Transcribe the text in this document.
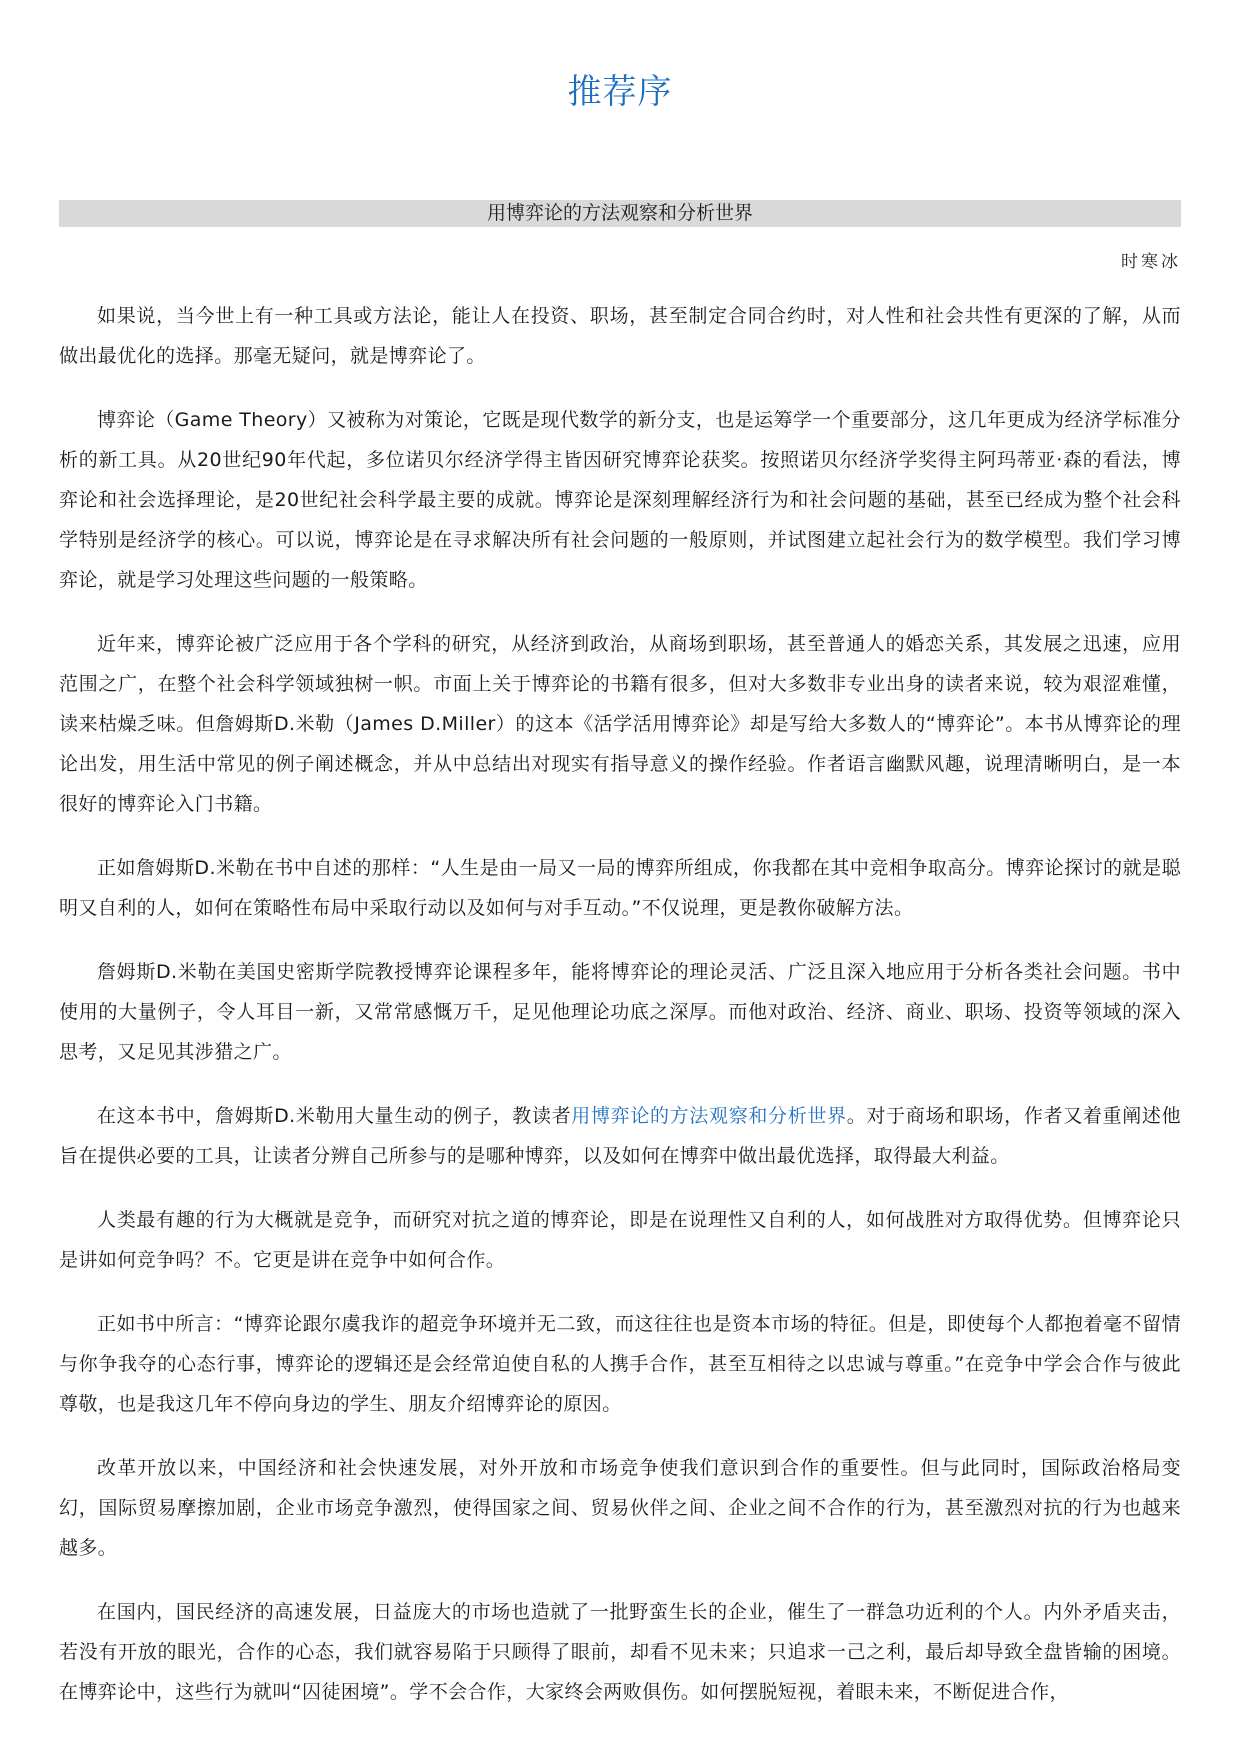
推荐序
用博弈论的方法观察和分析世界
时寒冰

如果说，当今世上有一种工具或方法论，能让人在投资、职场，甚至制定合同合约时，对人性和社会共性有更深的了解，从而做出最优化的选择。那毫无疑问，就是博弈论了。

博弈论（Game Theory）又被称为对策论，它既是现代数学的新分支，也是运筹学一个重要部分，这几年更成为经济学标准分析的新工具。从20世纪90年代起，多位诺贝尔经济学得主皆因研究博弈论获奖。按照诺贝尔经济学奖得主阿玛蒂亚·森的看法，博弈论和社会选择理论，是20世纪社会科学最主要的成就。博弈论是深刻理解经济行为和社会问题的基础，甚至已经成为整个社会科学特别是经济学的核心。可以说，博弈论是在寻求解决所有社会问题的一般原则，并试图建立起社会行为的数学模型。我们学习博弈论，就是学习处理这些问题的一般策略。

近年来，博弈论被广泛应用于各个学科的研究，从经济到政治，从商场到职场，甚至普通人的婚恋关系，其发展之迅速，应用范围之广，在整个社会科学领域独树一帜。市面上关于博弈论的书籍有很多，但对大多数非专业出身的读者来说，较为艰涩难懂，读来枯燥乏味。但詹姆斯D.米勒（James D.Miller）的这本《活学活用博弈论》却是写给大多数人的“博弈论”。本书从博弈论的理论出发，用生活中常见的例子阐述概念，并从中总结出对现实有指导意义的操作经验。作者语言幽默风趣，说理清晰明白，是一本很好的博弈论入门书籍。

正如詹姆斯D.米勒在书中自述的那样：“人生是由一局又一局的博弈所组成，你我都在其中竞相争取高分。博弈论探讨的就是聪明又自利的人，如何在策略性布局中采取行动以及如何与对手互动。”不仅说理，更是教你破解方法。

詹姆斯D.米勒在美国史密斯学院教授博弈论课程多年，能将博弈论的理论灵活、广泛且深入地应用于分析各类社会问题。书中使用的大量例子，令人耳目一新，又常常感慨万千，足见他理论功底之深厚。而他对政治、经济、商业、职场、投资等领域的深入思考，又足见其涉猎之广。

在这本书中，詹姆斯D.米勒用大量生动的例子，教读者用博弈论的方法观察和分析世界。对于商场和职场，作者又着重阐述他旨在提供必要的工具，让读者分辨自己所参与的是哪种博弈，以及如何在博弈中做出最优选择，取得最大利益。

人类最有趣的行为大概就是竞争，而研究对抗之道的博弈论，即是在说理性又自利的人，如何战胜对方取得优势。但博弈论只是讲如何竞争吗？不。它更是讲在竞争中如何合作。

正如书中所言：“博弈论跟尔虞我诈的超竞争环境并无二致，而这往往也是资本市场的特征。但是，即使每个人都抱着毫不留情与你争我夺的心态行事，博弈论的逻辑还是会经常迫使自私的人携手合作，甚至互相待之以忠诚与尊重。”在竞争中学会合作与彼此尊敬，也是我这几年不停向身边的学生、朋友介绍博弈论的原因。

改革开放以来，中国经济和社会快速发展，对外开放和市场竞争使我们意识到合作的重要性。但与此同时，国际政治格局变幻，国际贸易摩擦加剧，企业市场竞争激烈，使得国家之间、贸易伙伴之间、企业之间不合作的行为，甚至激烈对抗的行为也越来越多。

在国内，国民经济的高速发展，日益庞大的市场也造就了一批野蛮生长的企业，催生了一群急功近利的个人。内外矛盾夹击，若没有开放的眼光，合作的心态，我们就容易陷于只顾得了眼前，却看不见未来；只追求一己之利，最后却导致全盘皆输的困境。在博弈论中，这些行为就叫“囚徒困境”。学不会合作，大家终会两败俱伤。如何摆脱短视，着眼未来，不断促进合作，
